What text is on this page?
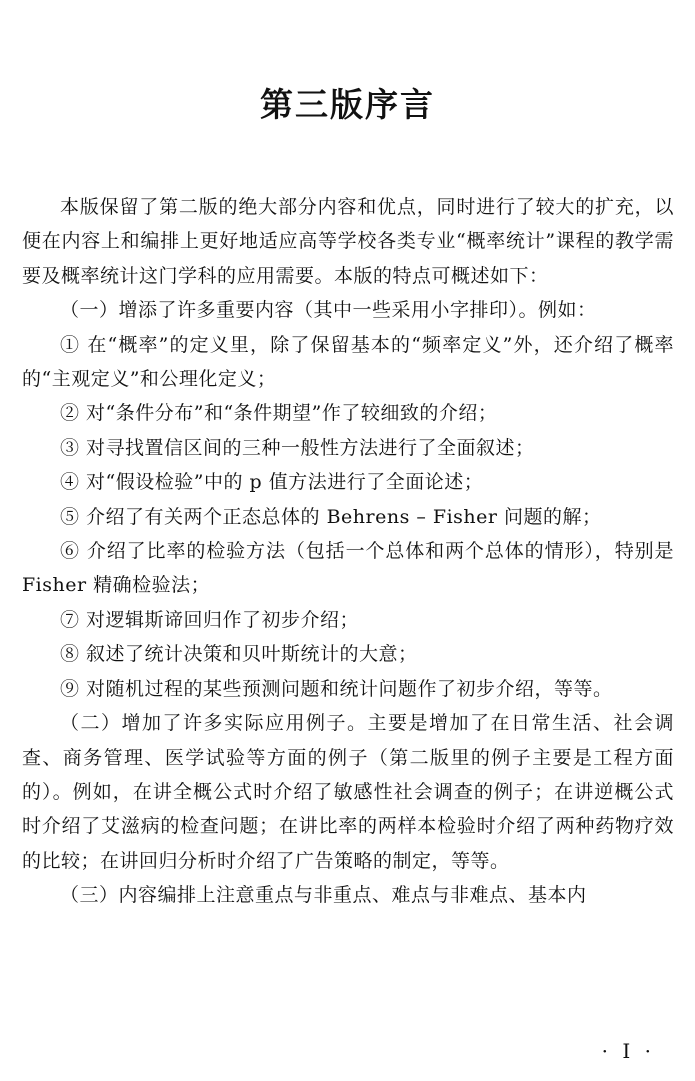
第三版序言

本版保留了第二版的绝大部分内容和优点，同时进行了较大的扩充，以便在内容上和编排上更好地适应高等学校各类专业“概率统计”课程的教学需要及概率统计这门学科的应用需要。本版的特点可概述如下：

（一）增添了许多重要内容（其中一些采用小字排印）。例如：

① 在“概率”的定义里，除了保留基本的“频率定义”外，还介绍了概率的“主观定义”和公理化定义；

② 对“条件分布”和“条件期望”作了较细致的介绍；

③ 对寻找置信区间的三种一般性方法进行了全面叙述；

④ 对“假设检验”中的 p 值方法进行了全面论述；

⑤ 介绍了有关两个正态总体的 Behrens – Fisher 问题的解；

⑥ 介绍了比率的检验方法（包括一个总体和两个总体的情形），特别是 Fisher 精确检验法；

⑦ 对逻辑斯谛回归作了初步介绍；

⑧ 叙述了统计决策和贝叶斯统计的大意；

⑨ 对随机过程的某些预测问题和统计问题作了初步介绍，等等。

（二）增加了许多实际应用例子。主要是增加了在日常生活、社会调查、商务管理、医学试验等方面的例子（第二版里的例子主要是工程方面的）。例如，在讲全概公式时介绍了敏感性社会调查的例子；在讲逆概公式时介绍了艾滋病的检查问题；在讲比率的两样本检验时介绍了两种药物疗效的比较；在讲回归分析时介绍了广告策略的制定，等等。

（三）内容编排上注意重点与非重点、难点与非难点、基本内

· I ·
